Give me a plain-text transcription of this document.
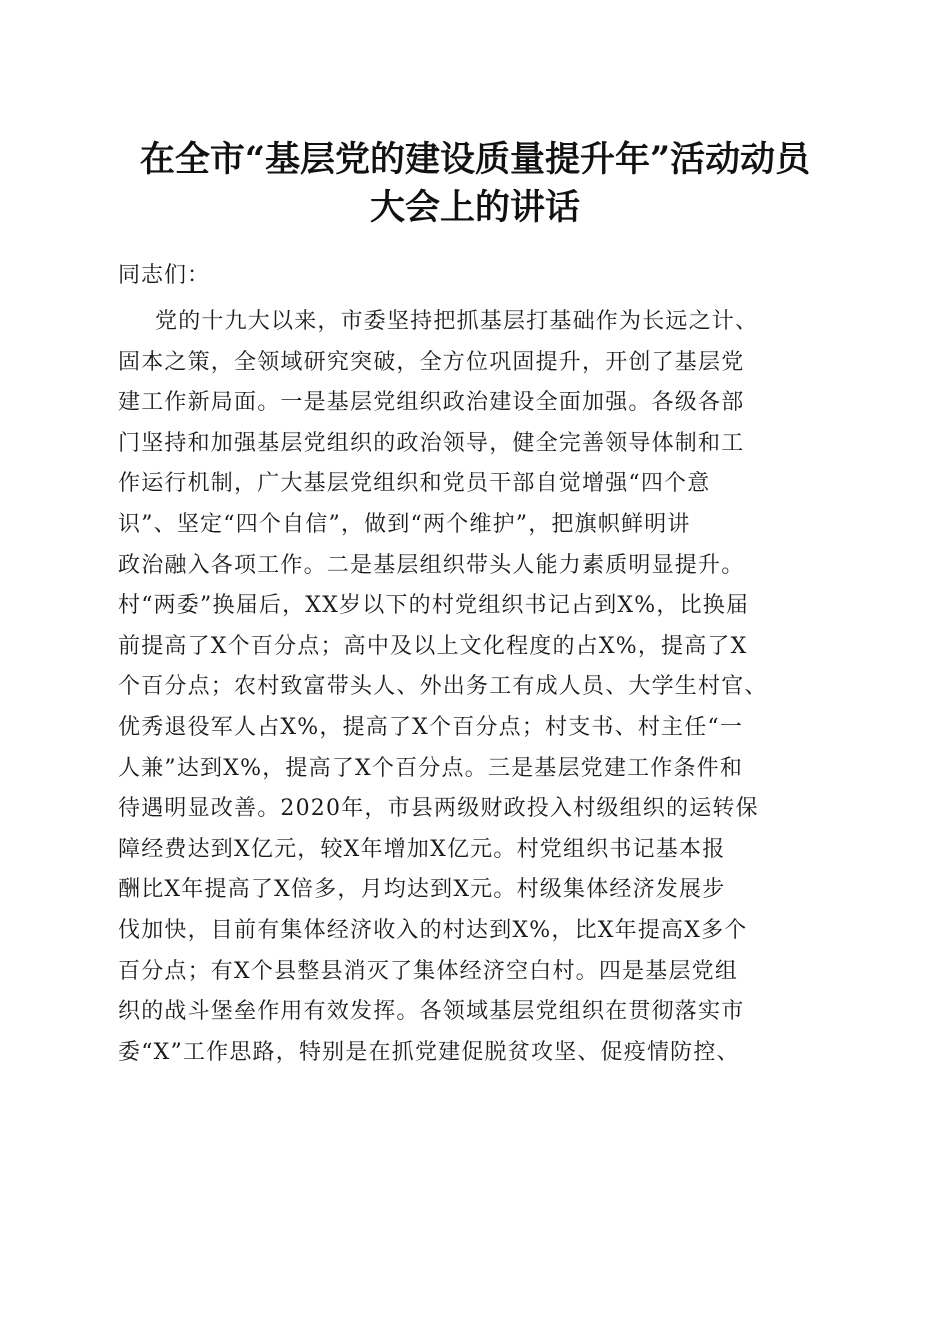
在全市“基层党的建设质量提升年”活动动员
大会上的讲话

同志们：

党的十九大以来，市委坚持把抓基层打基础作为长远之计、
固本之策，全领域研究突破，全方位巩固提升，开创了基层党
建工作新局面。一是基层党组织政治建设全面加强。各级各部
门坚持和加强基层党组织的政治领导，健全完善领导体制和工
作运行机制，广大基层党组织和党员干部自觉增强“四个意
识”、坚定“四个自信”，做到“两个维护”，把旗帜鲜明讲
政治融入各项工作。二是基层组织带头人能力素质明显提升。
村“两委”换届后，XX岁以下的村党组织书记占到X%，比换届
前提高了X个百分点；高中及以上文化程度的占X%，提高了X
个百分点；农村致富带头人、外出务工有成人员、大学生村官、
优秀退役军人占X%，提高了X个百分点；村支书、村主任“一
人兼”达到X%，提高了X个百分点。三是基层党建工作条件和
待遇明显改善。2020年，市县两级财政投入村级组织的运转保
障经费达到X亿元，较X年增加X亿元。村党组织书记基本报
酬比X年提高了X倍多，月均达到X元。村级集体经济发展步
伐加快，目前有集体经济收入的村达到X%，比X年提高X多个
百分点；有X个县整县消灭了集体经济空白村。四是基层党组
织的战斗堡垒作用有效发挥。各领域基层党组织在贯彻落实市
委“X”工作思路，特别是在抓党建促脱贫攻坚、促疫情防控、
